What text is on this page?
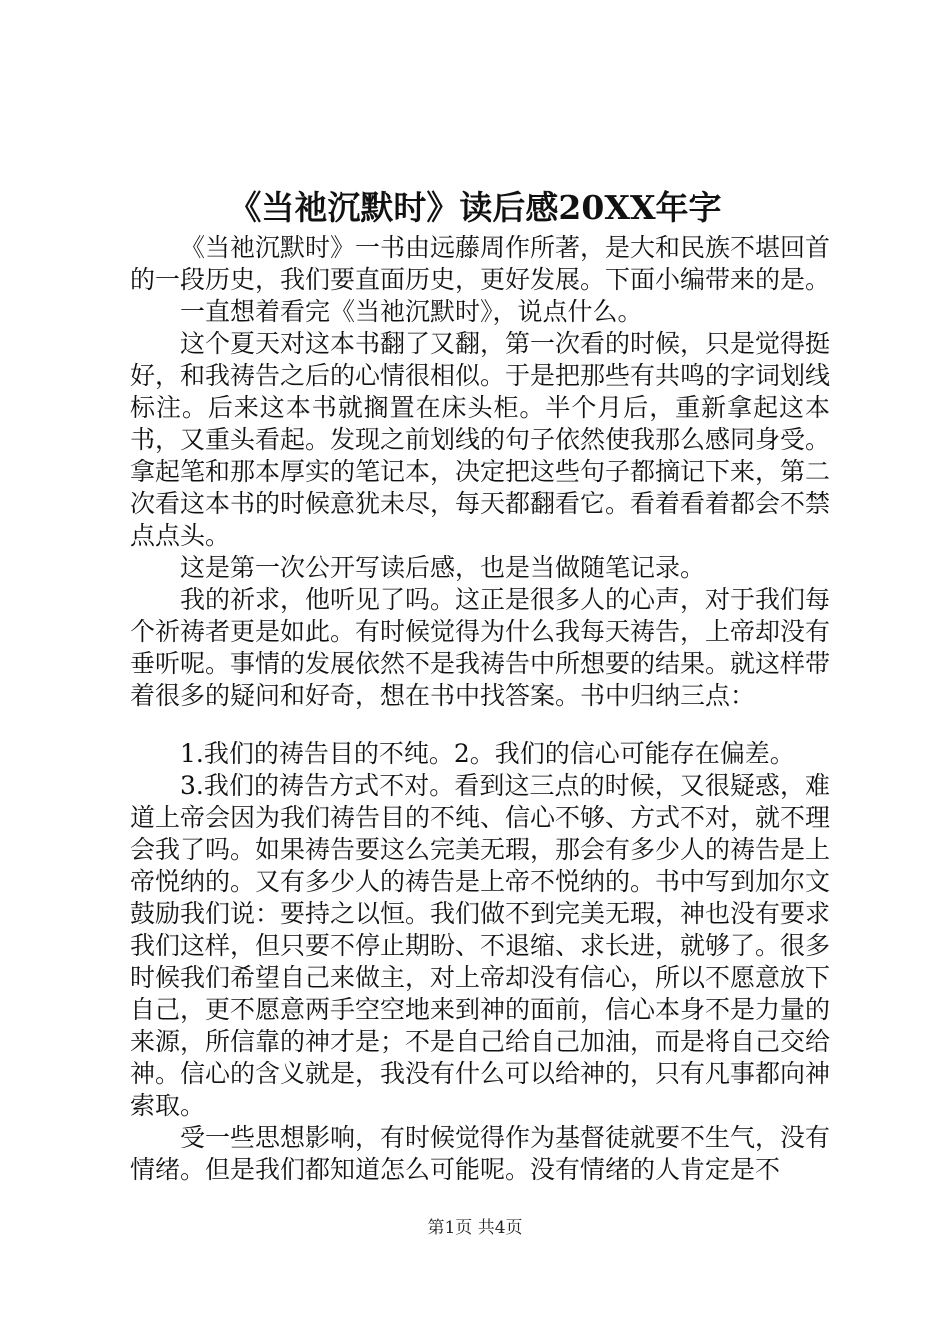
《当祂沉默时》读后感20XX年字

《当祂沉默时》一书由远藤周作所著，是大和民族不堪回首的一段历史，我们要直面历史，更好发展。下面小编带来的是。

一直想着看完《当祂沉默时》，说点什么。

这个夏天对这本书翻了又翻，第一次看的时候，只是觉得挺好，和我祷告之后的心情很相似。于是把那些有共鸣的字词划线标注。后来这本书就搁置在床头柜。半个月后，重新拿起这本书，又重头看起。发现之前划线的句子依然使我那么感同身受。拿起笔和那本厚实的笔记本，决定把这些句子都摘记下来，第二次看这本书的时候意犹未尽，每天都翻看它。看着看着都会不禁点点头。

这是第一次公开写读后感，也是当做随笔记录。

我的祈求，他听见了吗。这正是很多人的心声，对于我们每个祈祷者更是如此。有时候觉得为什么我每天祷告，上帝却没有垂听呢。事情的发展依然不是我祷告中所想要的结果。就这样带着很多的疑问和好奇，想在书中找答案。书中归纳三点：

1.我们的祷告目的不纯。2。我们的信心可能存在偏差。

3.我们的祷告方式不对。看到这三点的时候，又很疑惑，难道上帝会因为我们祷告目的不纯、信心不够、方式不对，就不理会我了吗。如果祷告要这么完美无瑕，那会有多少人的祷告是上帝悦纳的。又有多少人的祷告是上帝不悦纳的。书中写到加尔文鼓励我们说：要持之以恒。我们做不到完美无瑕，神也没有要求我们这样，但只要不停止期盼、不退缩、求长进，就够了。很多时候我们希望自己来做主，对上帝却没有信心，所以不愿意放下自己，更不愿意两手空空地来到神的面前，信心本身不是力量的来源，所信靠的神才是；不是自己给自己加油，而是将自己交给神。信心的含义就是，我没有什么可以给神的，只有凡事都向神索取。

受一些思想影响，有时候觉得作为基督徒就要不生气，没有情绪。但是我们都知道怎么可能呢。没有情绪的人肯定是不

第1页 共4页
